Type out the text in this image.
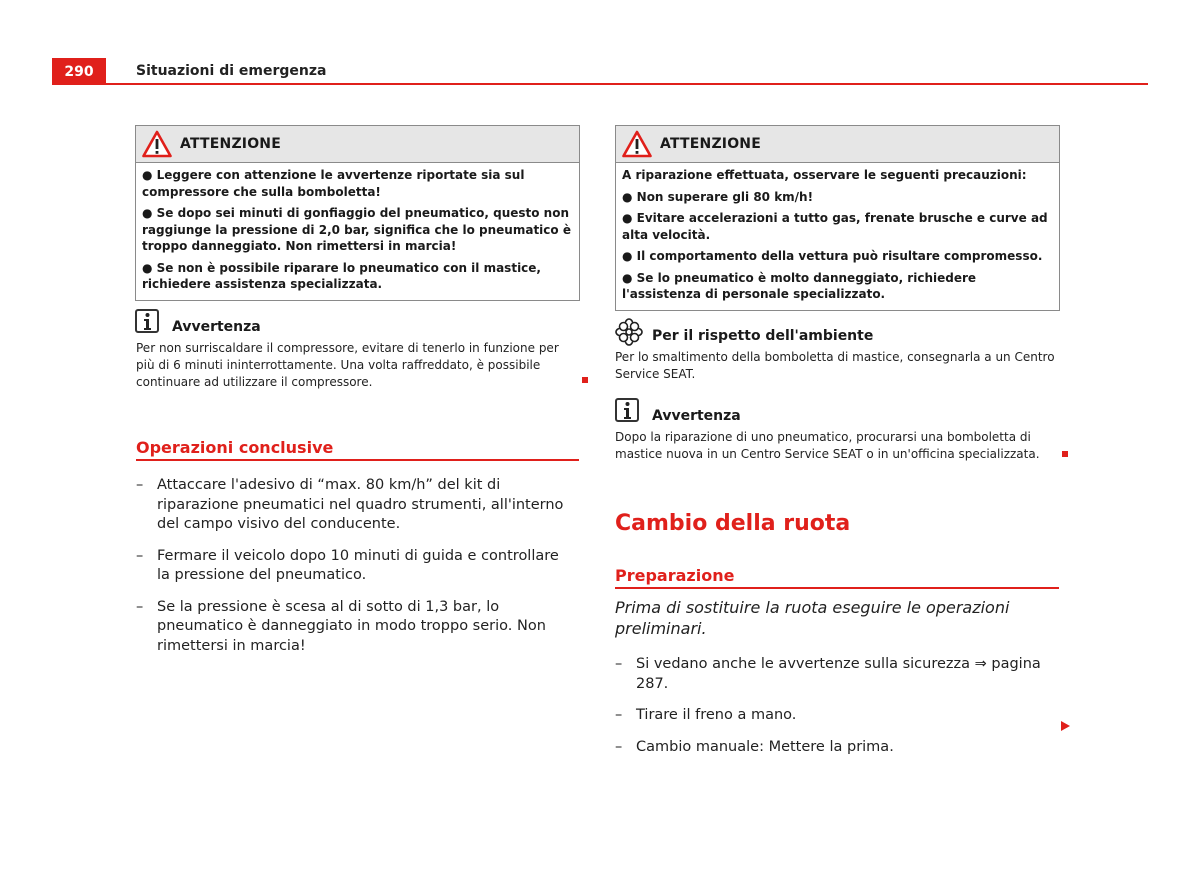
290	Situazioni di emergenza
ATTENZIONE

● Leggere con attenzione le avvertenze riportate sia sul compressore che sulla bomboletta!

● Se dopo sei minuti di gonfiaggio del pneumatico, questo non raggiunge la pressione di 2,0 bar, significa che lo pneumatico è troppo danneggiato. Non rimettersi in marcia!

● Se non è possibile riparare lo pneumatico con il mastice, richiedere assistenza specializzata.

Avvertenza
Per non surriscaldare il compressore, evitare di tenerlo in funzione per più di 6 minuti ininterrottamente. Una volta raffreddato, è possibile continuare ad utilizzare il compressore.
Operazioni conclusive
– Attaccare l'adesivo di “max. 80 km/h” del kit di riparazione pneumatici nel quadro strumenti, all'interno del campo visivo del conducente.
– Fermare il veicolo dopo 10 minuti di guida e controllare la pressione del pneumatico.
– Se la pressione è scesa al di sotto di 1,3 bar, lo pneumatico è danneggiato in modo troppo serio. Non rimettersi in marcia!
ATTENZIONE

A riparazione effettuata, osservare le seguenti precauzioni:

● Non superare gli 80 km/h!

● Evitare accelerazioni a tutto gas, frenate brusche e curve ad alta velocità.

● Il comportamento della vettura può risultare compromesso.

● Se lo pneumatico è molto danneggiato, richiedere l'assistenza di personale specializzato.

Per il rispetto dell'ambiente
Per lo smaltimento della bomboletta di mastice, consegnarla a un Centro Service SEAT.
Avvertenza
Dopo la riparazione di uno pneumatico, procurarsi una bomboletta di mastice nuova in un Centro Service SEAT o in un'officina specializzata.
Cambio della ruota
Preparazione
Prima di sostituire la ruota eseguire le operazioni preliminari.
– Si vedano anche le avvertenze sulla sicurezza ⇒ pagina 287.
– Tirare il freno a mano.
– Cambio manuale: Mettere la prima.
